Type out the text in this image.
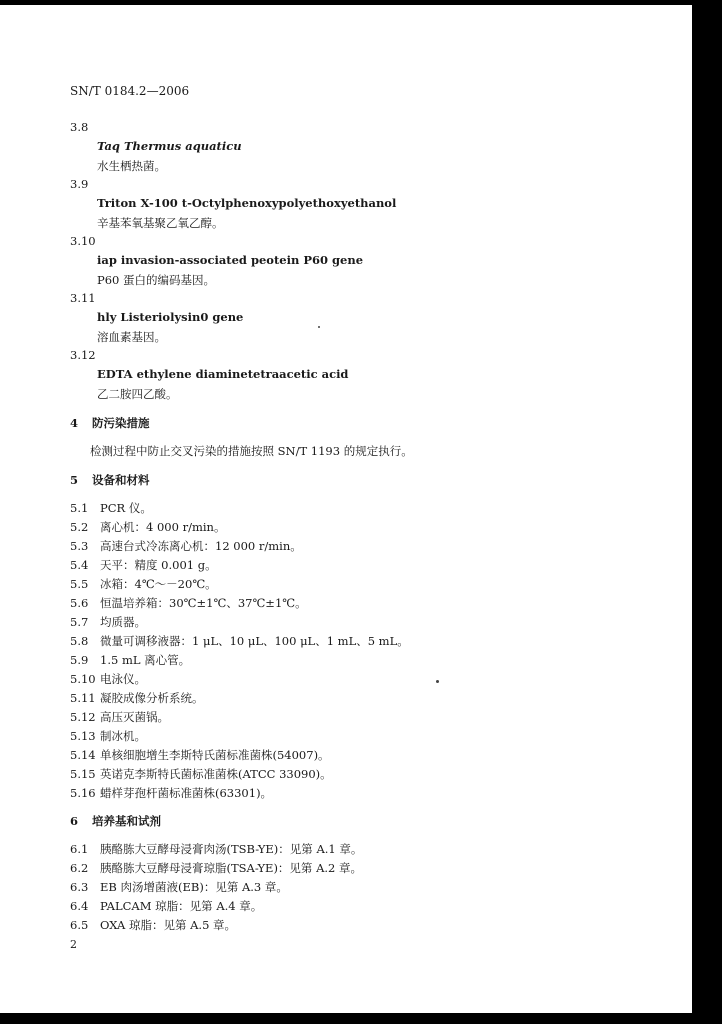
SN/T 0184.2—2006
3.8
Taq Thermus aquaticu
水生栖热菌。
3.9
Triton X-100 t-Octylphenoxypolyethoxyethanol
辛基苯氧基聚乙氧乙醇。
3.10
iap invasion-associated peotein P60 gene
P60 蛋白的编码基因。
3.11
hly Listeriolysin0 gene
溶血素基因。
3.12
EDTA ethylene diaminetetraacetic acid
乙二胺四乙酸。
4 防污染措施
检测过程中防止交叉污染的措施按照 SN/T 1193 的规定执行。
5 设备和材料
5.1 PCR 仪。
5.2 离心机：4 000 r/min。
5.3 高速台式冷冻离心机：12 000 r/min。
5.4 天平：精度 0.001 g。
5.5 冰箱：4℃～－20℃。
5.6 恒温培养箱：30℃±1℃、37℃±1℃。
5.7 均质器。
5.8 微量可调移液器：1 μL、10 μL、100 μL、1 mL、5 mL。
5.9 1.5 mL 离心管。
5.10 电泳仪。
5.11 凝胶成像分析系统。
5.12 高压灭菌锅。
5.13 制冰机。
5.14 单核细胞增生李斯特氏菌标准菌株(54007)。
5.15 英诺克李斯特氏菌标准菌株(ATCC 33090)。
5.16 蜡样芽孢杆菌标准菌株(63301)。
6 培养基和试剂
6.1 胰酪胨大豆酵母浸膏肉汤(TSB-YE)：见第 A.1 章。
6.2 胰酪胨大豆酵母浸膏琼脂(TSA-YE)：见第 A.2 章。
6.3 EB 肉汤增菌液(EB)：见第 A.3 章。
6.4 PALCAM 琼脂：见第 A.4 章。
6.5 OXA 琼脂：见第 A.5 章。
2
